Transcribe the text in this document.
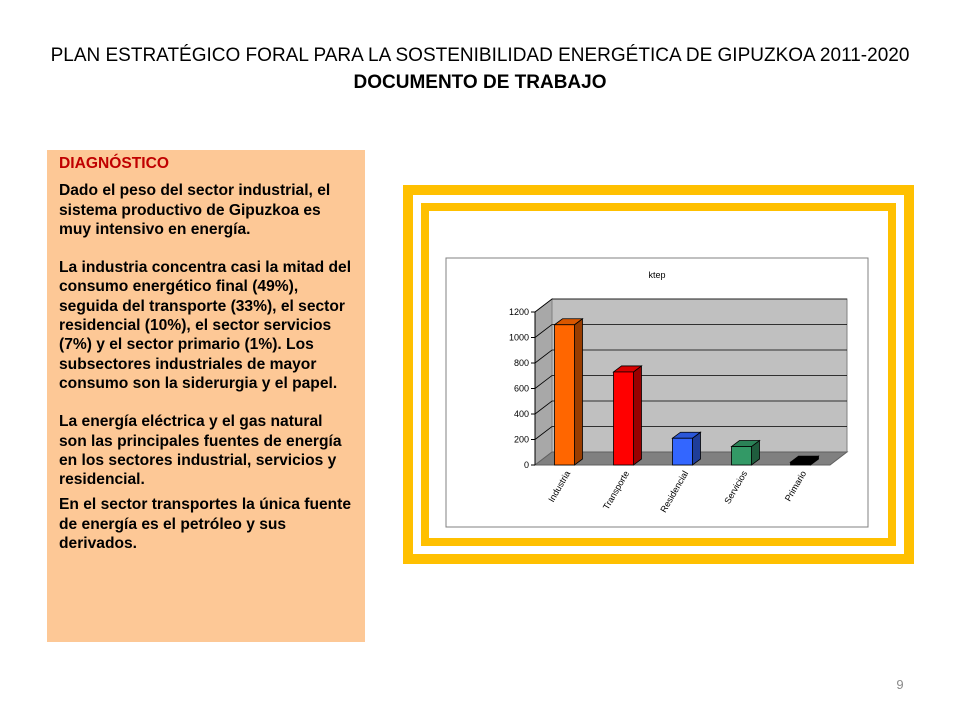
PLAN ESTRATÉGICO FORAL PARA LA SOSTENIBILIDAD ENERGÉTICA DE GIPUZKOA 2011-2020
DOCUMENTO DE TRABAJO

DIAGNÓSTICO

Dado el peso del sector industrial, el sistema productivo de Gipuzkoa es muy intensivo en energía.

La industria concentra casi la mitad del consumo energético final (49%), seguida del transporte (33%), el sector residencial (10%), el sector servicios (7%) y el sector primario (1%). Los subsectores industriales de mayor consumo son la siderurgia y el papel.

La energía eléctrica y el gas natural son las principales fuentes de energía en los sectores industrial, servicios y residencial.

En el sector transportes la única fuente de energía es el petróleo y sus derivados.

0
200
400
600
800
1000
1200
Industria	Transporte	Residencial	Servicios	Primario
ktep
9
